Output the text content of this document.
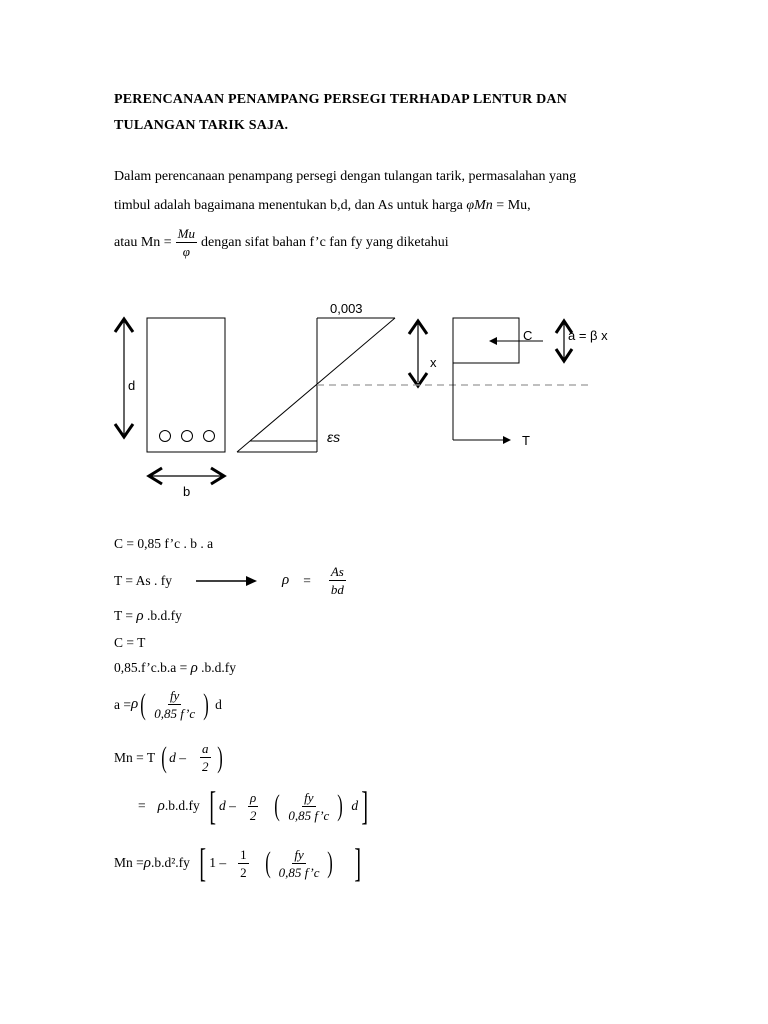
PERENCANAAN PENAMPANG PERSEGI TERHADAP LENTUR DAN
TULANGAN TARIK SAJA.
Dalam perencanaan penampang persegi dengan tulangan tarik, permasalahan yang
timbul adalah bagaimana menentukan b,d, dan As untuk harga φMn = Mu,
atau $Mn = \frac{Mu}{\varphi}$ dengan sifat bahan f’c fan fy yang diketahui
d
b
0,003
εs
x
C	a = β x
T
C = 0,85 f’c . b . a
T = As . fy	$\rho = \frac{As}{bd}$
T = ρ .b.d.fy
C = T
0,85.f’c.b.a = ρ .b.d.fy
a = ρ ( $\frac{fy}{0,85 f’c}$ ) d
Mn = T ( d – $\frac{a}{2}$ )
= ρ .b.d.fy [ d – $\frac{\rho}{2}$ ( $\frac{fy}{0,85 f’c}$ ) d ]
Mn = ρ .b.d².fy [ $1 - \frac{1}{2}$ ( $\frac{fy}{0,85 f’c}$ ) ]
